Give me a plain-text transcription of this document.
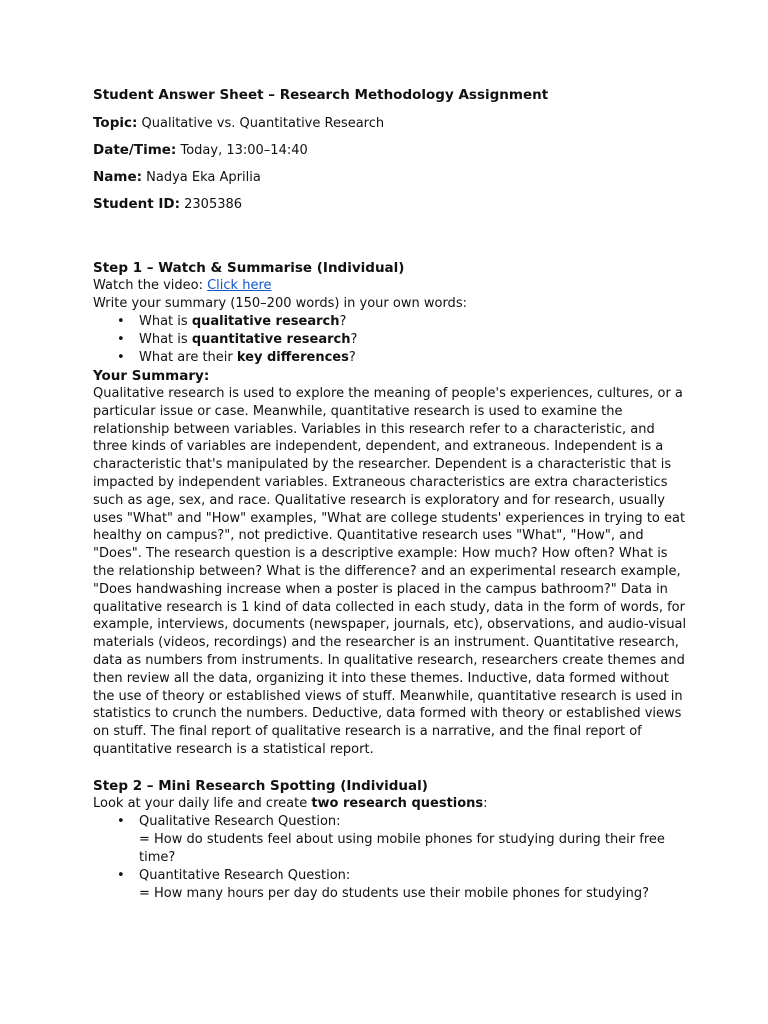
Student Answer Sheet – Research Methodology Assignment

Topic: Qualitative vs. Quantitative Research

Date/Time: Today, 13:00–14:40

Name: Nadya Eka Aprilia

Student ID: 2305386

Step 1 – Watch & Summarise (Individual)

Watch the video: Click here

Write your summary (150–200 words) in your own words:

• What is qualitative research?
• What is quantitative research?
• What are their key differences?

Your Summary:

Qualitative research is used to explore the meaning of people's experiences, cultures, or a particular issue or case. Meanwhile, quantitative research is used to examine the relationship between variables. Variables in this research refer to a characteristic, and three kinds of variables are independent, dependent, and extraneous. Independent is a characteristic that's manipulated by the researcher. Dependent is a characteristic that is impacted by independent variables. Extraneous characteristics are extra characteristics such as age, sex, and race. Qualitative research is exploratory and for research, usually uses "What" and "How" examples, "What are college students' experiences in trying to eat healthy on campus?", not predictive. Quantitative research uses "What", "How", and "Does". The research question is a descriptive example: How much? How often? What is the relationship between? What is the difference? and an experimental research example, "Does handwashing increase when a poster is placed in the campus bathroom?" Data in qualitative research is 1 kind of data collected in each study, data in the form of words, for example, interviews, documents (newspaper, journals, etc), observations, and audio-visual materials (videos, recordings) and the researcher is an instrument. Quantitative research, data as numbers from instruments. In qualitative research, researchers create themes and then review all the data, organizing it into these themes. Inductive, data formed without the use of theory or established views of stuff. Meanwhile, quantitative research is used in statistics to crunch the numbers. Deductive, data formed with theory or established views on stuff. The final report of qualitative research is a narrative, and the final report of quantitative research is a statistical report.

Step 2 – Mini Research Spotting (Individual)

Look at your daily life and create two research questions:

• Qualitative Research Question:
= How do students feel about using mobile phones for studying during their free time?
• Quantitative Research Question:
= How many hours per day do students use their mobile phones for studying?
